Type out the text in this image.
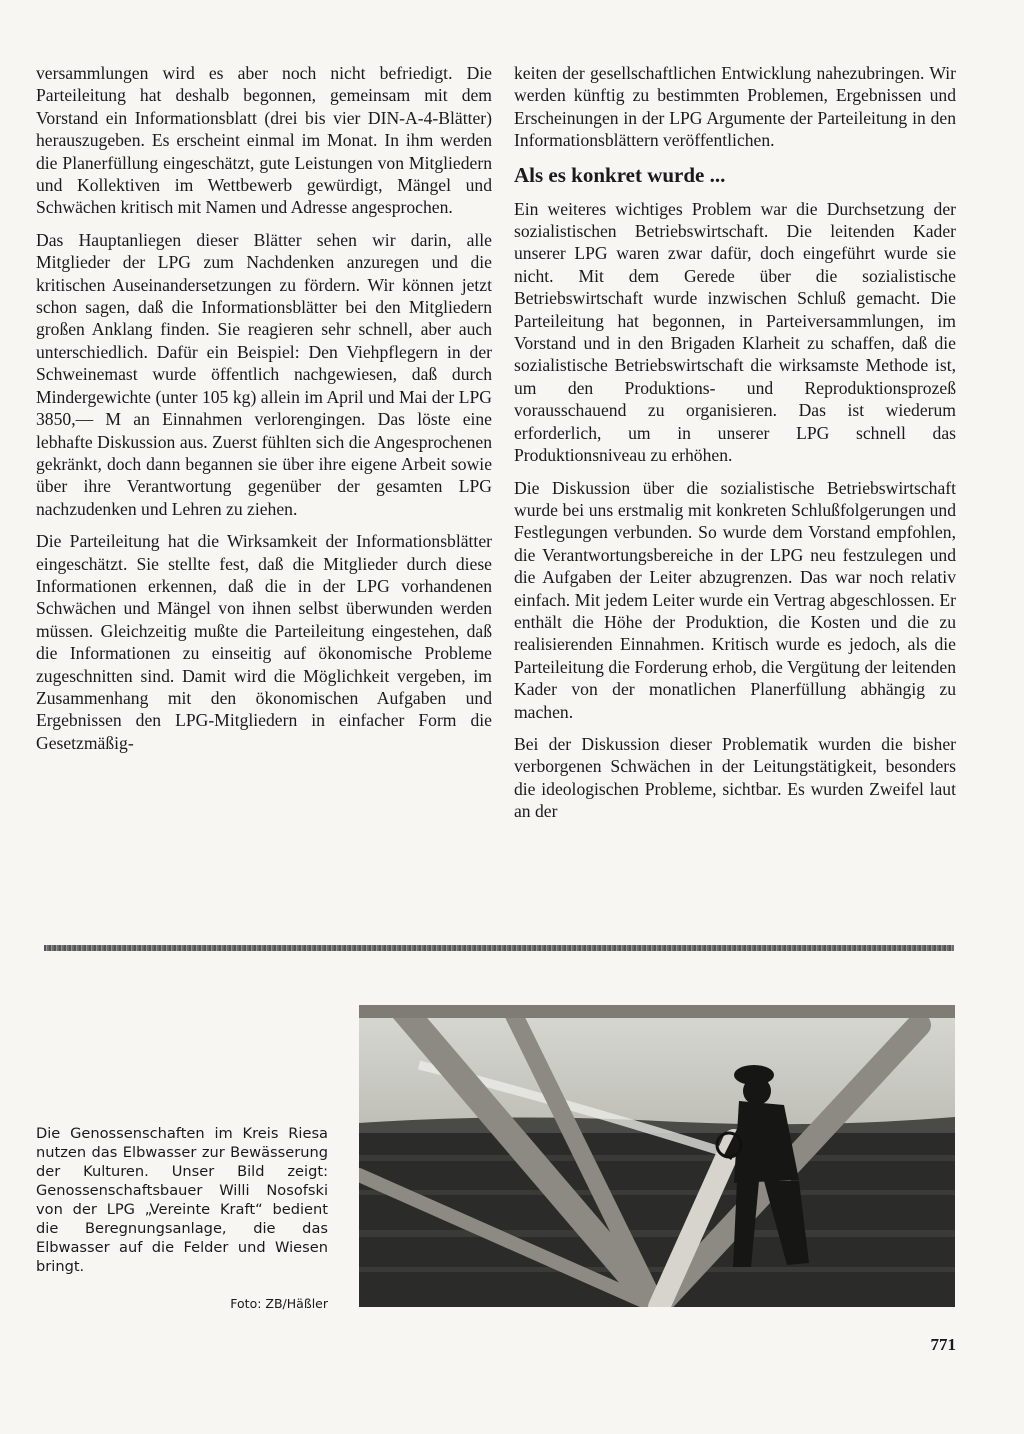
versammlungen wird es aber noch nicht befriedigt. Die Parteileitung hat deshalb begonnen, gemeinsam mit dem Vorstand ein Informationsblatt (drei bis vier DIN-A-4-Blätter) herauszugeben. Es erscheint einmal im Monat. In ihm werden die Planerfüllung eingeschätzt, gute Leistungen von Mitgliedern und Kollektiven im Wettbewerb gewürdigt, Mängel und Schwächen kritisch mit Namen und Adresse angesprochen.

Das Hauptanliegen dieser Blätter sehen wir darin, alle Mitglieder der LPG zum Nachdenken anzuregen und die kritischen Auseinandersetzungen zu fördern. Wir können jetzt schon sagen, daß die Informationsblätter bei den Mitgliedern großen Anklang finden. Sie reagieren sehr schnell, aber auch unterschiedlich. Dafür ein Beispiel: Den Viehpflegern in der Schweinemast wurde öffentlich nachgewiesen, daß durch Mindergewichte (unter 105 kg) allein im April und Mai der LPG 3850,— M an Einnahmen verlorengingen. Das löste eine lebhafte Diskussion aus. Zuerst fühlten sich die Angesprochenen gekränkt, doch dann begannen sie über ihre eigene Arbeit sowie über ihre Verantwortung gegenüber der gesamten LPG nachzudenken und Lehren zu ziehen.

Die Parteileitung hat die Wirksamkeit der Informationsblätter eingeschätzt. Sie stellte fest, daß die Mitglieder durch diese Informationen erkennen, daß die in der LPG vorhandenen Schwächen und Mängel von ihnen selbst überwunden werden müssen. Gleichzeitig mußte die Parteileitung eingestehen, daß die Informationen zu einseitig auf ökonomische Probleme zugeschnitten sind. Damit wird die Möglichkeit vergeben, im Zusammenhang mit den ökonomischen Aufgaben und Ergebnissen den LPG-Mitgliedern in einfacher Form die Gesetzmäßig-

keiten der gesellschaftlichen Entwicklung nahezubringen. Wir werden künftig zu bestimmten Problemen, Ergebnissen und Erscheinungen in der LPG Argumente der Parteileitung in den Informationsblättern veröffentlichen.

Als es konkret wurde ...

Ein weiteres wichtiges Problem war die Durchsetzung der sozialistischen Betriebswirtschaft. Die leitenden Kader unserer LPG waren zwar dafür, doch eingeführt wurde sie nicht. Mit dem Gerede über die sozialistische Betriebswirtschaft wurde inzwischen Schluß gemacht. Die Parteileitung hat begonnen, in Parteiversammlungen, im Vorstand und in den Brigaden Klarheit zu schaffen, daß die sozialistische Betriebswirtschaft die wirksamste Methode ist, um den Produktions- und Reproduktionsprozeß vorausschauend zu organisieren. Das ist wiederum erforderlich, um in unserer LPG schnell das Produktionsniveau zu erhöhen.

Die Diskussion über die sozialistische Betriebswirtschaft wurde bei uns erstmalig mit konkreten Schlußfolgerungen und Festlegungen verbunden. So wurde dem Vorstand empfohlen, die Verantwortungsbereiche in der LPG neu festzulegen und die Aufgaben der Leiter abzugrenzen. Das war noch relativ einfach. Mit jedem Leiter wurde ein Vertrag abgeschlossen. Er enthält die Höhe der Produktion, die Kosten und die zu realisierenden Einnahmen. Kritisch wurde es jedoch, als die Parteileitung die Forderung erhob, die Vergütung der leitenden Kader von der monatlichen Planerfüllung abhängig zu machen.

Bei der Diskussion dieser Problematik wurden die bisher verborgenen Schwächen in der Leitungstätigkeit, besonders die ideologischen Probleme, sichtbar. Es wurden Zweifel laut an der

Die Genossenschaften im Kreis Riesa nutzen das Elbwasser zur Bewässerung der Kulturen. Unser Bild zeigt: Genossenschaftsbauer Willi Nosofski von der LPG „Vereinte Kraft“ bedient die Beregnungsanlage, die das Elbwasser auf die Felder und Wiesen bringt.

Foto: ZB/Häßler
771
